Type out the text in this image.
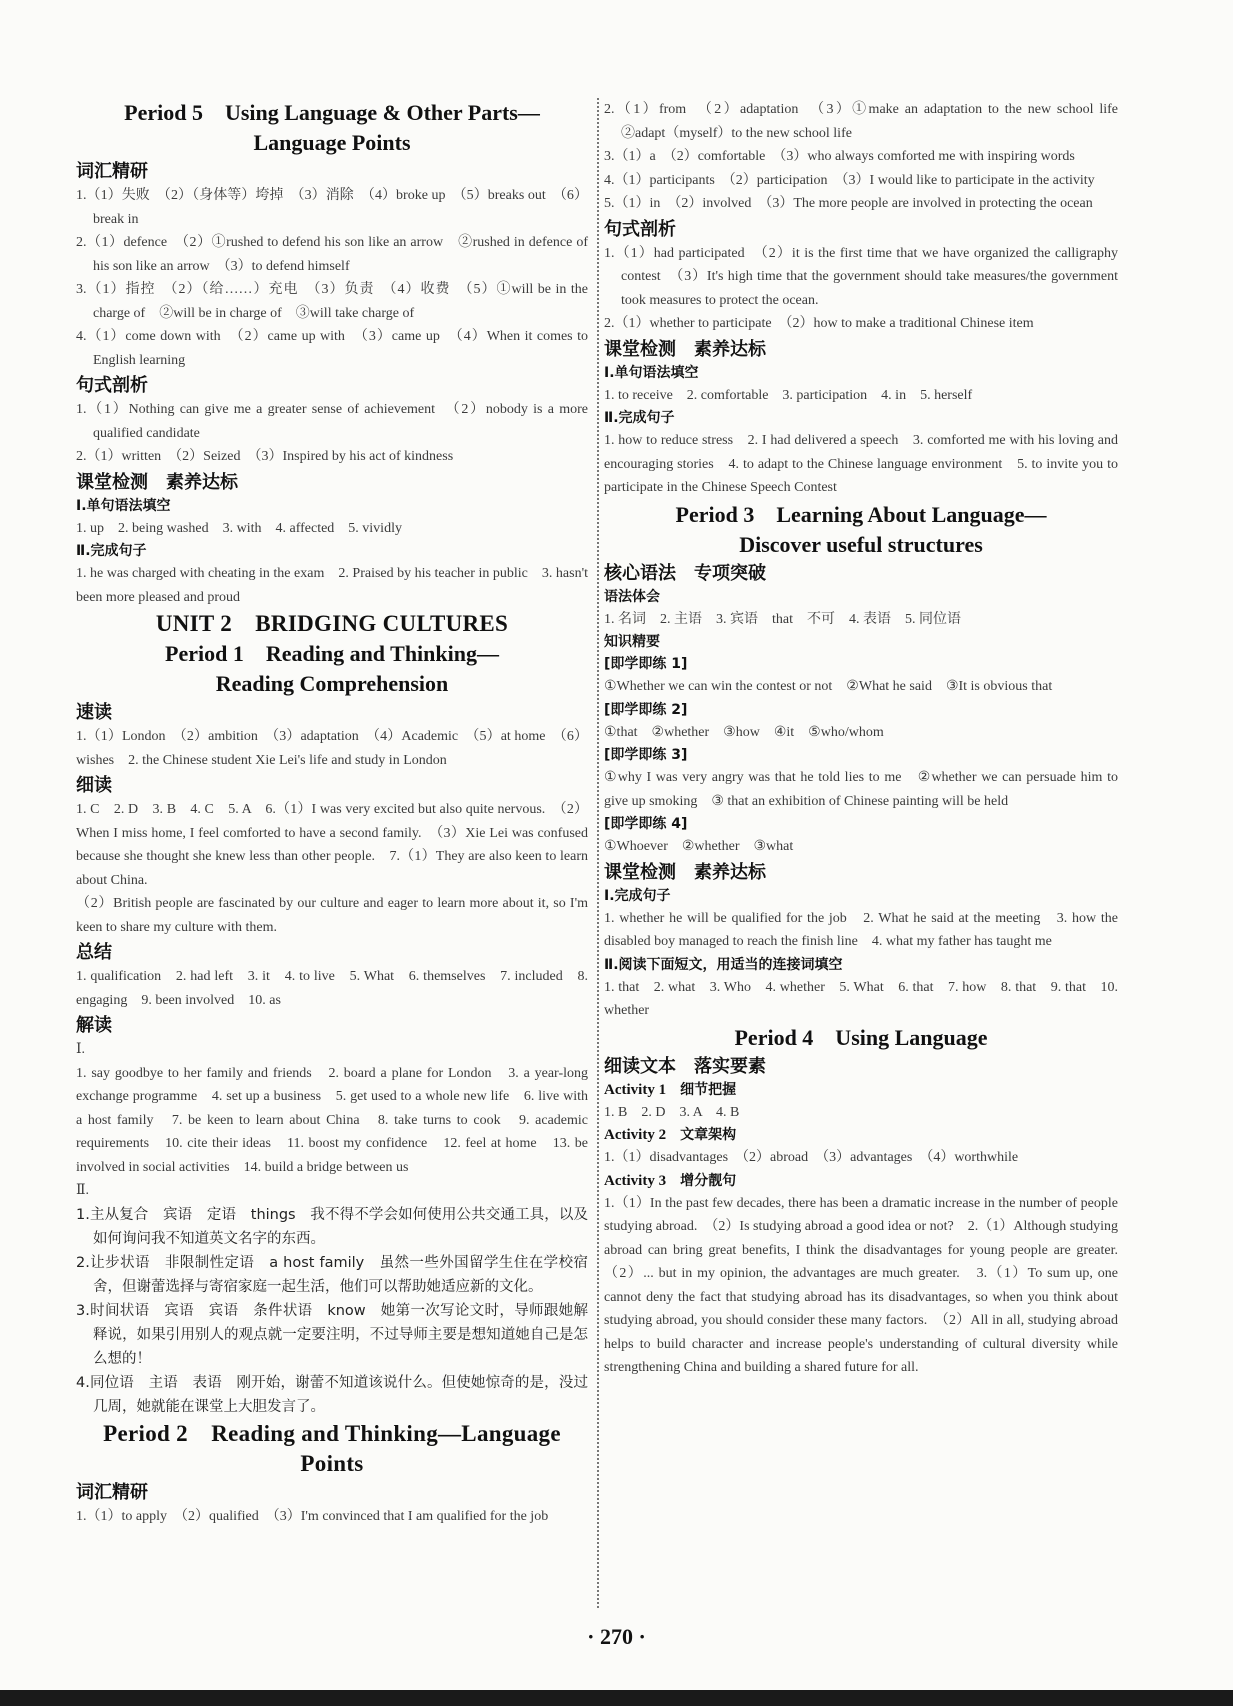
Period 5　Using Language & Other Parts—
Language Points
词汇精研
1.（1）失败　（2）（身体等）垮掉　（3）消除　（4）broke up　（5）breaks out　（6）break in
2.（1）defence　（2）①rushed to defend his son like an arrow　②rushed in defence of his son like an arrow　（3）to defend himself
3.（1）指控　（2）（给……）充电　（3）负责　（4）收费　（5）①will be in the charge of　②will be in charge of　③will take charge of
4.（1）come down with　（2）came up with　（3）came up　（4）When it comes to English learning
句式剖析
1.（1）Nothing can give me a greater sense of achievement　（2）nobody is a more qualified candidate
2.（1）written　（2）Seized　（3）Inspired by his act of kindness
课堂检测　素养达标
Ⅰ.单句语法填空
1. up　2. being washed　3. with　4. affected　5. vividly
Ⅱ.完成句子
1. he was charged with cheating in the exam　2. Praised by his teacher in public　3. hasn't been more pleased and proud
UNIT 2　BRIDGING CULTURES
Period 1　Reading and Thinking—
Reading Comprehension
速读
1.（1）London　（2）ambition　（3）adaptation　（4）Academic　（5）at home　（6）wishes　2. the Chinese student Xie Lei's life and study in London
细读
1. C　2. D　3. B　4. C　5. A　6.（1）I was very excited but also quite nervous.　（2）When I miss home, I feel comforted to have a second family.　（3）Xie Lei was confused because she thought she knew less than other people.　7.（1）They are also keen to learn about China.
（2）British people are fascinated by our culture and eager to learn more about it, so I'm keen to share my culture with them.
总结
1. qualification　2. had left　3. it　4. to live　5. What　6. themselves　7. included　8. engaging　9. been involved　10. as
解读
Ⅰ.
1. say goodbye to her family and friends　2. board a plane for London　3. a year-long exchange programme　4. set up a business　5. get used to a whole new life　6. live with a host family　7. be keen to learn about China　8. take turns to cook　9. academic requirements　10. cite their ideas　11. boost my confidence　12. feel at home　13. be involved in social activities　14. build a bridge between us
Ⅱ.
1.主从复合　宾语　定语　things　我不得不学会如何使用公共交通工具，以及如何询问我不知道英文名字的东西。
2.让步状语　非限制性定语　a host family　虽然一些外国留学生住在学校宿舍，但谢蕾选择与寄宿家庭一起生活，他们可以帮助她适应新的文化。
3.时间状语　宾语　宾语　条件状语　know　她第一次写论文时，导师跟她解释说，如果引用别人的观点就一定要注明，不过导师主要是想知道她自己是怎么想的！
4.同位语　主语　表语　刚开始，谢蕾不知道该说什么。但使她惊奇的是，没过几周，她就能在课堂上大胆发言了。
Period 2　Reading and Thinking—Language Points
词汇精研
1.（1）to apply　（2）qualified　（3）I'm convinced that I am qualified for the job
2.（1）from　（2）adaptation　（3）①make an adaptation to the new school life　②adapt（myself）to the new school life
3.（1）a　（2）comfortable　（3）who always comforted me with inspiring words
4.（1）participants　（2）participation　（3）I would like to participate in the activity
5.（1）in　（2）involved　（3）The more people are involved in protecting the ocean
句式剖析
1.（1）had participated　（2）it is the first time that we have organized the calligraphy contest　（3）It's high time that the government should take measures/the government took measures to protect the ocean.
2.（1）whether to participate　（2）how to make a traditional Chinese item
课堂检测　素养达标
Ⅰ.单句语法填空
1. to receive　2. comfortable　3. participation　4. in　5. herself
Ⅱ.完成句子
1. how to reduce stress　2. I had delivered a speech　3. comforted me with his loving and encouraging stories　4. to adapt to the Chinese language environment　5. to invite you to participate in the Chinese Speech Contest
Period 3　Learning About Language—
Discover useful structures
核心语法　专项突破
语法体会
1. 名词　2. 主语　3. 宾语　that　不可　4. 表语　5. 同位语
知识精要
[即学即练 1]
①Whether we can win the contest or not　②What he said　③It is obvious that
[即学即练 2]
①that　②whether　③how　④it　⑤who/whom
[即学即练 3]
①why I was very angry was that he told lies to me　②whether we can persuade him to give up smoking　③ that an exhibition of Chinese painting will be held
[即学即练 4]
①Whoever　②whether　③what
课堂检测　素养达标
Ⅰ.完成句子
1. whether he will be qualified for the job　2. What he said at the meeting　3. how the disabled boy managed to reach the finish line　4. what my father has taught me
Ⅱ.阅读下面短文，用适当的连接词填空
1. that　2. what　3. Who　4. whether　5. What　6. that　7. how　8. that　9. that　10. whether
Period 4　Using Language
细读文本　落实要素
Activity 1　 细节把握
1. B　2. D　3. A　4. B
Activity 2　 文章架构
1.（1）disadvantages　（2）abroad　（3）advantages　（4）worthwhile
Activity 3　 增分靓句
1.（1）In the past few decades, there has been a dramatic increase in the number of people studying abroad.　（2）Is studying abroad a good idea or not?　2.（1）Although studying abroad can bring great benefits, I think the disadvantages for young people are greater.　（2）... but in my opinion, the advantages are much greater.　3.（1）To sum up, one cannot deny the fact that studying abroad has its disadvantages, so when you think about studying abroad, you should consider these many factors.　（2）All in all, studying abroad helps to build character and increase people's understanding of cultural diversity while strengthening China and building a shared future for all.
· 270 ·
